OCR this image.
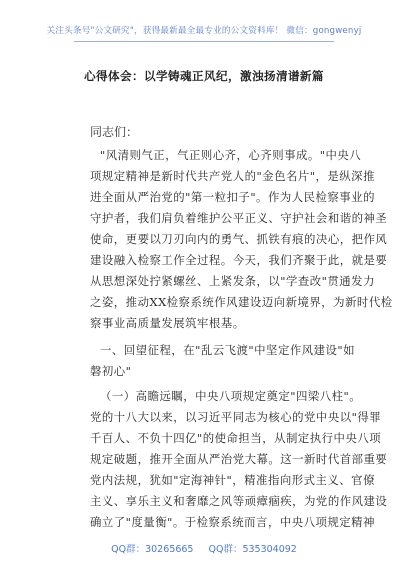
关注头条号"公文研究"，获得最新最全最专业的公文资料库！ 微信：gongwenyj
心得体会：以学铸魂正风纪，激浊扬清谱新篇
同志们：
"风清则气正，气正则心齐，心齐则事成。"中央八
项规定精神是新时代共产党人的"金色名片"，是纵深推
进全面从严治党的"第一粒扣子"。作为人民检察事业的
守护者，我们肩负着维护公平正义、守护社会和谐的神圣
使命，更要以刀刃向内的勇气、抓铁有痕的决心，把作风
建设融入检察工作全过程。今天，我们齐聚于此，就是要
从思想深处拧紧螺丝、上紧发条，以"学查改"贯通发力
之姿，推动XX检察系统作风建设迈向新境界，为新时代检
察事业高质量发展筑牢根基。
一、回望征程，在"乱云飞渡"中坚定作风建设"如
磐初心"
（一）高瞻远瞩，中央八项规定奠定"四梁八柱"。
党的十八大以来，以习近平同志为核心的党中央以"得罪
千百人、不负十四亿"的使命担当，从制定执行中央八项
规定破题，推开全面从严治党大幕。这一新时代首部重要
党内法规，犹如"定海神针"，精准指向形式主义、官僚
主义、享乐主义和奢靡之风等顽瘴痼疾，为党的作风建设
确立了"度量衡"。于检察系统而言，中央八项规定精神
QQ群：30265665 QQ群：535304092
